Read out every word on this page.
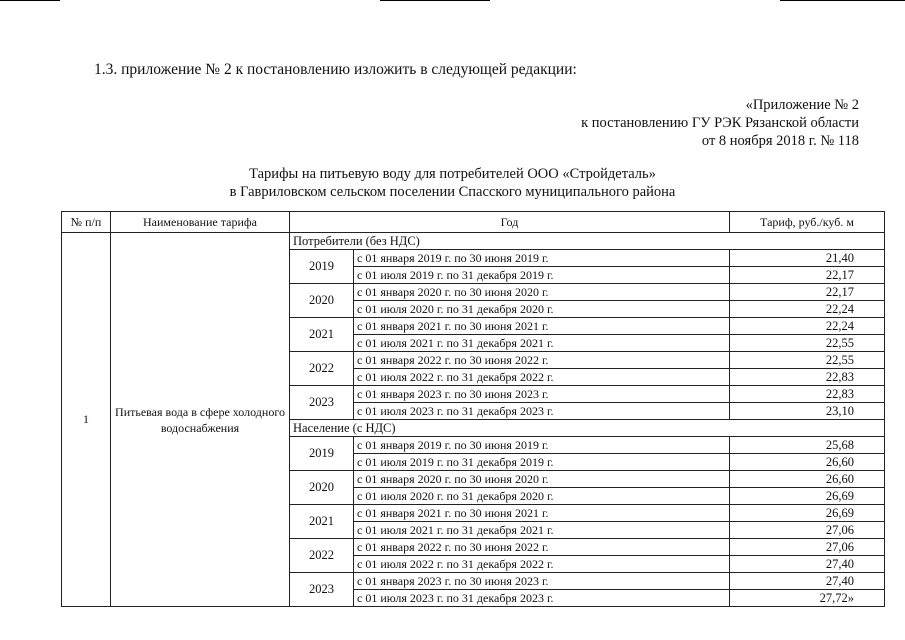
1.3. приложение № 2 к постановлению изложить в следующей редакции:
«Приложение № 2
к постановлению ГУ РЭК Рязанской области
от 8 ноября 2018 г. № 118
Тарифы на питьевую воду для потребителей ООО «Стройдеталь»
в Гавриловском сельском поселении Спасского муниципального района
№ п/п	Наименование тарифа	Год		Тариф, руб./куб. м
1	Питьевая вода в сфере холодного водоснабжения	Потребители (без НДС)		
		2019	с 01 января 2019 г. по 30 июня 2019 г.	21,40
			с 01 июля 2019 г. по 31 декабря 2019 г.	22,17
		2020	с 01 января 2020 г. по 30 июня 2020 г.	22,17
			с 01 июля 2020 г. по 31 декабря 2020 г.	22,24
		2021	с 01 января 2021 г. по 30 июня 2021 г.	22,24
			с 01 июля 2021 г. по 31 декабря 2021 г.	22,55
		2022	с 01 января 2022 г. по 30 июня 2022 г.	22,55
			с 01 июля 2022 г. по 31 декабря 2022 г.	22,83
		2023	с 01 января 2023 г. по 30 июня 2023 г.	22,83
			с 01 июля 2023 г. по 31 декабря 2023 г.	23,10
		Население (с НДС)		
		2019	с 01 января 2019 г. по 30 июня 2019 г.	25,68
			с 01 июля 2019 г. по 31 декабря 2019 г.	26,60
		2020	с 01 января 2020 г. по 30 июня 2020 г.	26,60
			с 01 июля 2020 г. по 31 декабря 2020 г.	26,69
		2021	с 01 января 2021 г. по 30 июня 2021 г.	26,69
			с 01 июля 2021 г. по 31 декабря 2021 г.	27,06
		2022	с 01 января 2022 г. по 30 июня 2022 г.	27,06
			с 01 июля 2022 г. по 31 декабря 2022 г.	27,40
		2023	с 01 января 2023 г. по 30 июня 2023 г.	27,40
			с 01 июля 2023 г. по 31 декабря 2023 г.	27,72»
